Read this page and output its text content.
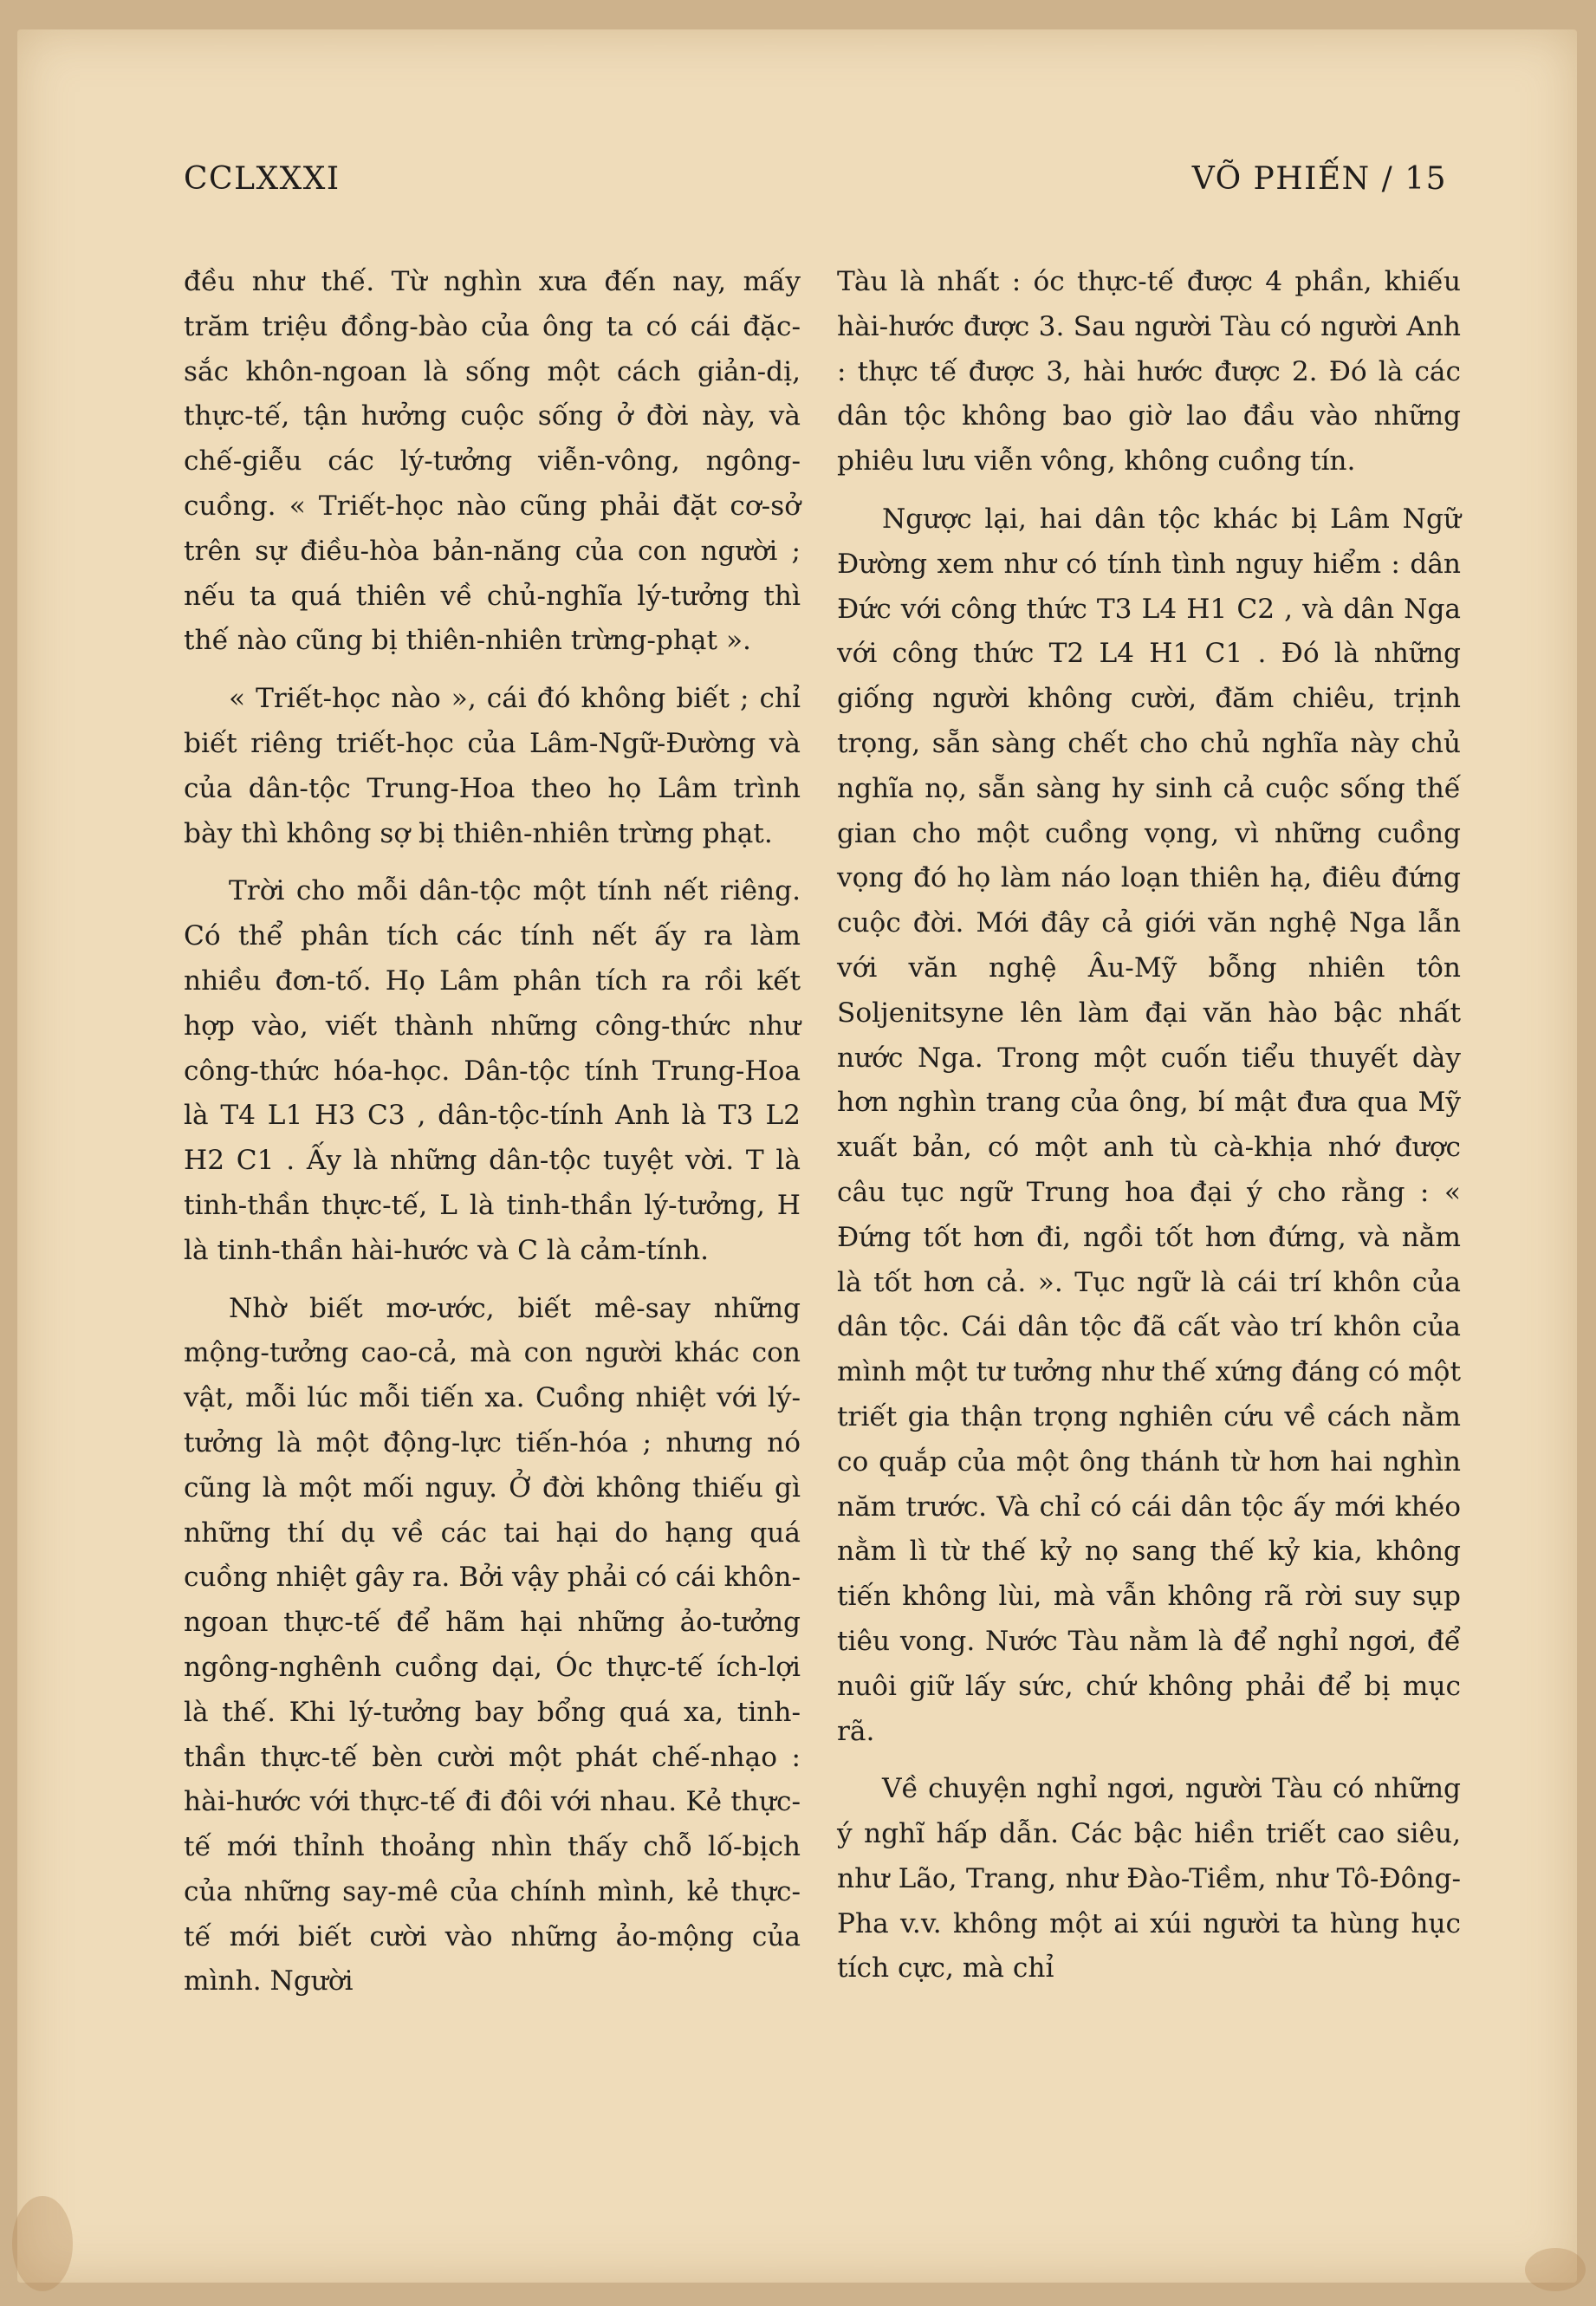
CCLXXXI	VÕ PHIẾN / 15

đều như thế. Từ nghìn xưa đến nay, mấy trăm triệu đồng-bào của ông ta có cái đặc-sắc khôn-ngoan là sống một cách giản-dị, thực-tế, tận hưởng cuộc sống ở đời này, và chế-giễu các lý-tưởng viễn-vông, ngông-cuồng. « Triết-học nào cũng phải đặt cơ-sở trên sự điều-hòa bản-năng của con người ; nếu ta quá thiên về chủ-nghĩa lý-tưởng thì thế nào cũng bị thiên-nhiên trừng-phạt ».

« Triết-học nào », cái đó không biết ; chỉ biết riêng triết-học của Lâm-Ngữ-Đường và của dân-tộc Trung-Hoa theo họ Lâm trình bày thì không sợ bị thiên-nhiên trừng phạt.

Trời cho mỗi dân-tộc một tính nết riêng. Có thể phân tích các tính nết ấy ra làm nhiều đơn-tố. Họ Lâm phân tích ra rồi kết hợp vào, viết thành những công-thức như công-thức hóa-học. Dân-tộc tính Trung-Hoa là T4 L1 H3 C3 , dân-tộc-tính Anh là T3 L2 H2 C1 . Ấy là những dân-tộc tuyệt vời. T là tinh-thần thực-tế, L là tinh-thần lý-tưởng, H là tinh-thần hài-hước và C là cảm-tính.

Nhờ biết mơ-ước, biết mê-say những mộng-tưởng cao-cả, mà con người khác con vật, mỗi lúc mỗi tiến xa. Cuồng nhiệt với lý-tưởng là một động-lực tiến-hóa ; nhưng nó cũng là một mối nguy. Ở đời không thiếu gì những thí dụ về các tai hại do hạng quá cuồng nhiệt gây ra. Bởi vậy phải có cái khôn-ngoan thực-tế để hãm hại những ảo-tưởng ngông-nghênh cuồng dại, Óc thực-tế ích-lợi là thế. Khi lý-tưởng bay bổng quá xa, tinh-thần thực-tế bèn cười một phát chế-nhạo : hài-hước với thực-tế đi đôi với nhau. Kẻ thực-tế mới thỉnh thoảng nhìn thấy chỗ lố-bịch của những say-mê của chính mình, kẻ thực-tế mới biết cười vào những ảo-mộng của mình. Người

Tàu là nhất : óc thực-tế được 4 phần, khiếu hài-hước được 3. Sau người Tàu có người Anh : thực tế được 3, hài hước được 2. Đó là các dân tộc không bao giờ lao đầu vào những phiêu lưu viễn vông, không cuồng tín.

Ngược lại, hai dân tộc khác bị Lâm Ngữ Đường xem như có tính tình nguy hiểm : dân Đức với công thức T3 L4 H1 C2 , và dân Nga với công thức T2 L4 H1 C1 . Đó là những giống người không cười, đăm chiêu, trịnh trọng, sẵn sàng chết cho chủ nghĩa này chủ nghĩa nọ, sẵn sàng hy sinh cả cuộc sống thế gian cho một cuồng vọng, vì những cuồng vọng đó họ làm náo loạn thiên hạ, điêu đứng cuộc đời. Mới đây cả giới văn nghệ Nga lẫn với văn nghệ Âu-Mỹ bỗng nhiên tôn Soljenitsyne lên làm đại văn hào bậc nhất nước Nga. Trong một cuốn tiểu thuyết dày hơn nghìn trang của ông, bí mật đưa qua Mỹ xuất bản, có một anh tù cà-khịa nhớ được câu tục ngữ Trung hoa đại ý cho rằng : « Đứng tốt hơn đi, ngồi tốt hơn đứng, và nằm là tốt hơn cả. ». Tục ngữ là cái trí khôn của dân tộc. Cái dân tộc đã cất vào trí khôn của mình một tư tưởng như thế xứng đáng có một triết gia thận trọng nghiên cứu về cách nằm co quắp của một ông thánh từ hơn hai nghìn năm trước. Và chỉ có cái dân tộc ấy mới khéo nằm lì từ thế kỷ nọ sang thế kỷ kia, không tiến không lùi, mà vẫn không rã rời suy sụp tiêu vong. Nước Tàu nằm là để nghỉ ngơi, để nuôi giữ lấy sức, chứ không phải để bị mục rã.

Về chuyện nghỉ ngơi, người Tàu có những ý nghĩ hấp dẫn. Các bậc hiền triết cao siêu, như Lão, Trang, như Đào-Tiềm, như Tô-Đông-Pha v.v. không một ai xúi người ta hùng hục tích cực, mà chỉ
